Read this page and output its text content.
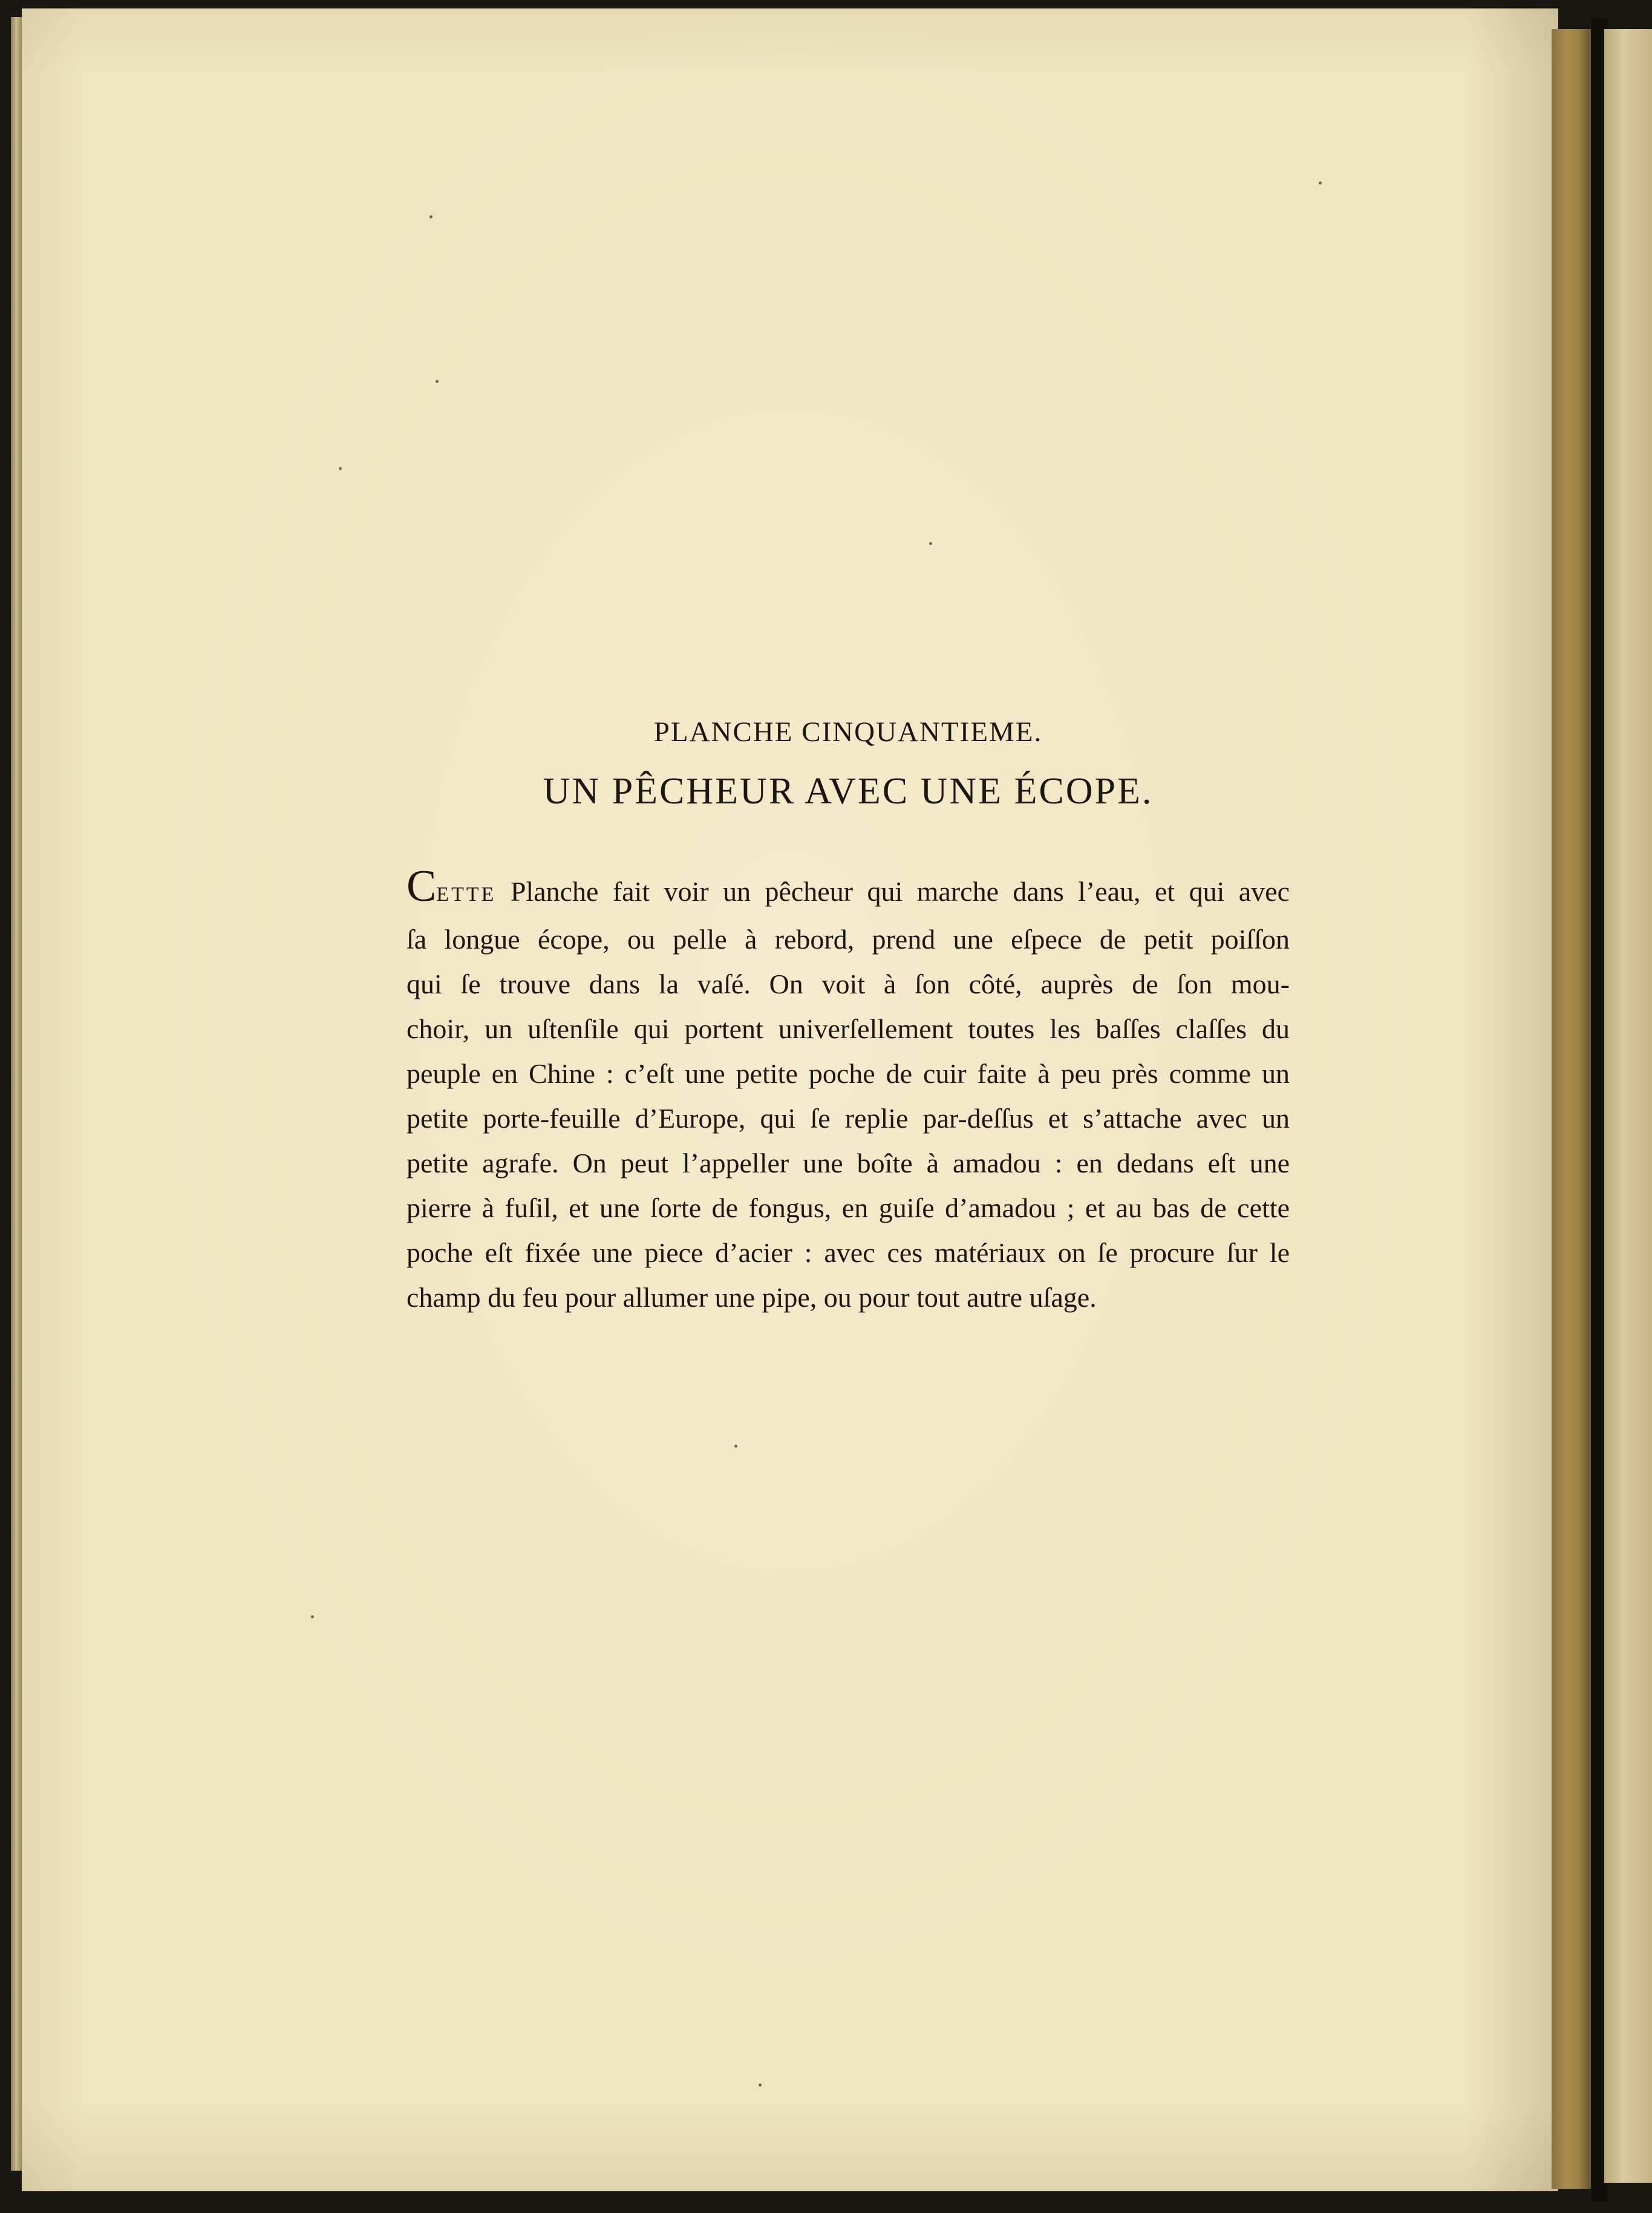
PLANCHE CINQUANTIEME.
UN PÊCHEUR AVEC UNE ÉCOPE.

CETTE Planche fait voir un pêcheur qui marche dans l’eau, et qui avec
ſa longue écope, ou pelle à rebord, prend une eſpece de petit poiſſon
qui ſe trouve dans la vaſé. On voit à ſon côté, auprès de ſon mou-
choir, un uſtenſile qui portent univerſellement toutes les baſſes claſſes du
peuple en Chine : c’eſt une petite poche de cuir faite à peu près comme un
petite porte-feuille d’Europe, qui ſe replie par-deſſus et s’attache avec un
petite agrafe. On peut l’appeller une boîte à amadou : en dedans eſt une
pierre à fuſil, et une ſorte de fongus, en guiſe d’amadou ; et au bas de cette
poche eſt fixée une piece d’acier : avec ces matériaux on ſe procure ſur le
champ du feu pour allumer une pipe, ou pour tout autre uſage.
